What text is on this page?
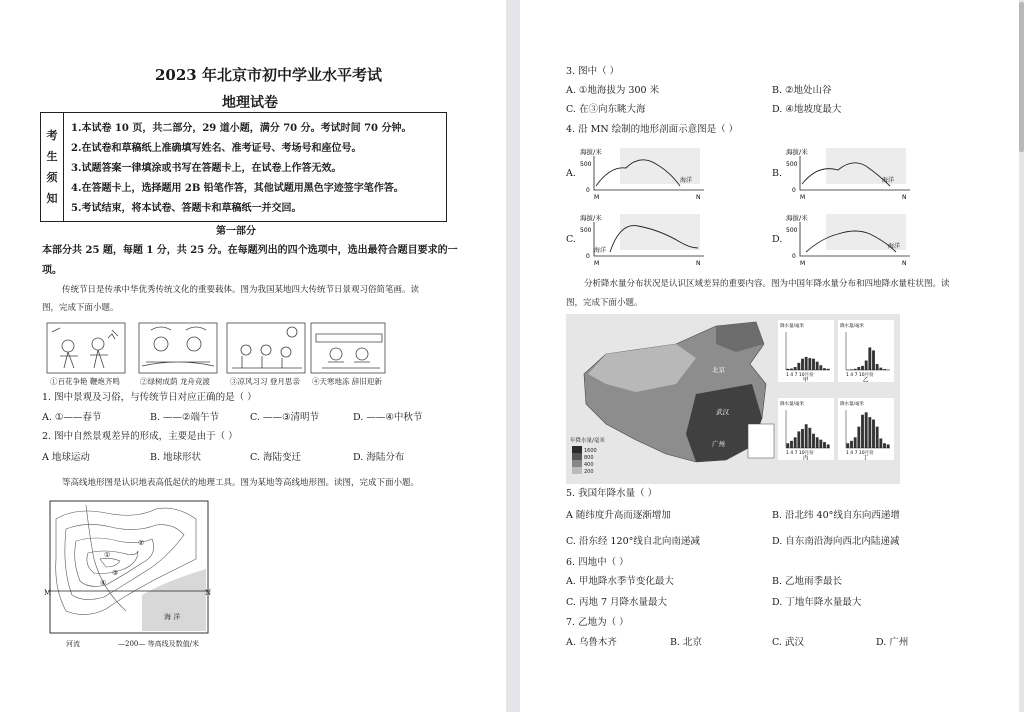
2023 年北京市初中学业水平考试
地理试卷
考
生
须
知
1.本试卷 10 页，共二部分，29 道小题，满分 70 分。考试时间 70 分钟。
2.在试卷和草稿纸上准确填写姓名、准考证号、考场号和座位号。
3.试题答案一律填涂或书写在答题卡上，在试卷上作答无效。
4.在答题卡上，选择题用 2B 铅笔作答，其他试题用黑色字迹签字笔作答。
5.考试结束，将本试卷、答题卡和草稿纸一并交回。
第一部分
本部分共 25 题，每题 1 分，共 25 分。在每题列出的四个选项中，选出最符合题目要求的一
项。
传统节日是传承中华优秀传统文化的重要载体。图为我国某地四大传统节日景观习俗简笔画。读
图，完成下面小题。
①百花争艳 鞭炮齐鸣	②绿树成荫 龙舟竞渡	③凉风习习 登月思亲 ④天寒地冻 辞旧迎新
1. 图中景观及习俗，与传统节日对应正确的是（ ）
A. ①——春节	B. ——②端午节	C. ——③清明节	D. ——④中秋节
2. 图中自然景观差异的形成，主要是由于（ ）
A 地球运动	B. 地球形状	C. 海陆变迁	D. 海陆分布
等高线地形图是认识地表高低起伏的地理工具。图为某地等高线地形图。读图，完成下面小题。
①
②
③
④
海 洋
M	N
河流	—200— 等高线及数值/米
3. 图中（ ）
A. ①地海拔为 300 米	B. ②地处山谷
C. 在③向东眺大海	D. ④地坡度最大
4. 沿 MN 绘制的地形剖面示意图是（ ）
A.	B.
C.	D.
海拔/米
500
0
M
海洋
N
海拔/米
500
0
M
海洋
N
海拔/米
500
0
海洋
M	N
海拔/米
500
0
M
海洋
N
分析降水量分布状况是认识区域差异的重要内容。图为中国年降水量分布和四地降水量柱状图。读
图，完成下面小题。
北京
武汉
广州
年降水量/毫米
1600
800
400
200
降水量/毫米
1 4 7 10月份
甲
降水量/毫米
1 4 7 10月份
乙
降水量/毫米
1 4 7 10月份
丙
降水量/毫米
1 4 7 10月份
丁
5. 我国年降水量（ ）
A 随纬度升高而逐渐增加	B. 沿北纬 40°线自东向西递增
C. 沿东经 120°线自北向南递减	D. 自东南沿海向西北内陆递减
6. 四地中（ ）
A. 甲地降水季节变化最大	B. 乙地雨季最长
C. 丙地 7 月降水量最大	D. 丁地年降水量最大
7. 乙地为（ ）
A. 乌鲁木齐	B. 北京	C. 武汉	D. 广州
